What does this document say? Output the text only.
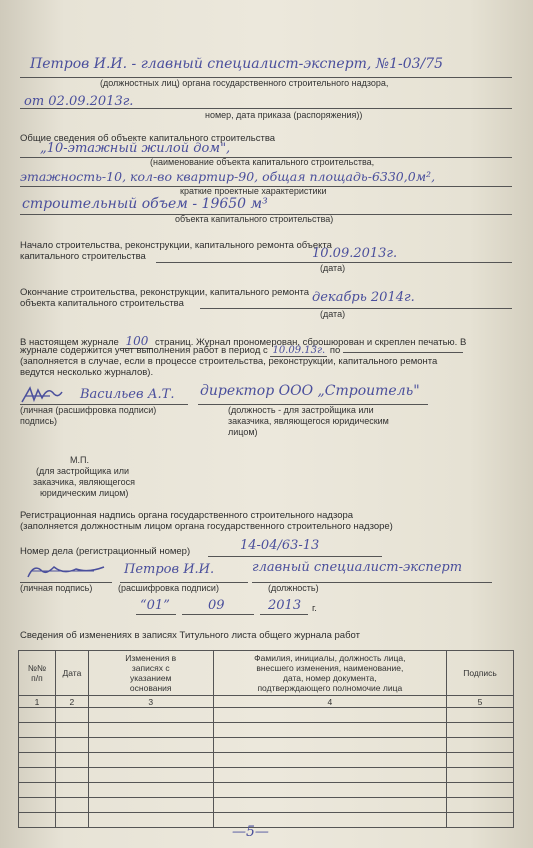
Петров И.И. - главный специалист-эксперт, №1-03/75
(должностных лиц) органа государственного строительного надзора,
от 02.09.2013г.
номер, дата приказа (распоряжения))
Общие сведения об объекте капитального строительства
„10-этажный жилой дом",
(наименование объекта капитального строительства,
этажность-10, кол-во квартир-90, общая площадь-6330,0м²,
краткие проектные характеристики
строительный объем - 19650 м³
объекта капитального строительства)
Начало строительства, реконструкции, капитального ремонта объекта
капитального строительства	10.09.2013г.
(дата)
Окончание строительства, реконструкции, капитального ремонта
объекта капитального строительства	декабрь 2014г.
(дата)
В настоящем журнале 100 страниц. Журнал прономерован, сброшюрован и скреплен печатью. В
журнале содержится учет выполнения работ в период с 10.09.13г. по
(заполняется в случае, если в процессе строительства, реконструкции, капитального ремонта
ведутся несколько журналов).
Васильев А.Т. директор ООО „Строитель"
(личная (расшифровка подписи)
подпись)
(должность - для застройщика или
заказчика, являющегося юридическим
лицом)
М.П.
(для застройщика или
заказчика, являющегося
юридическим лицом)
Регистрационная надпись органа государственного строительного надзора
(заполняется должностным лицом органа государственного строительного надзоре)
Номер дела (регистрационный номер)	14-04/63-13
Петров И.И.	главный специалист-эксперт
(личная подпись)	(расшифровка подписи)	(должность)
“01”	09	2013 г.
Сведения об изменениях в записях Титульного листа общего журнала работ
№№
п/п	Дата	Изменения в
записях с
указанием
основания	Фамилия, инициалы, должность лица,
внесшего изменения, наименование,
дата, номер документа,
подтверждающего полномочие лица	Подпись
1	2	3	4	5

—5—
